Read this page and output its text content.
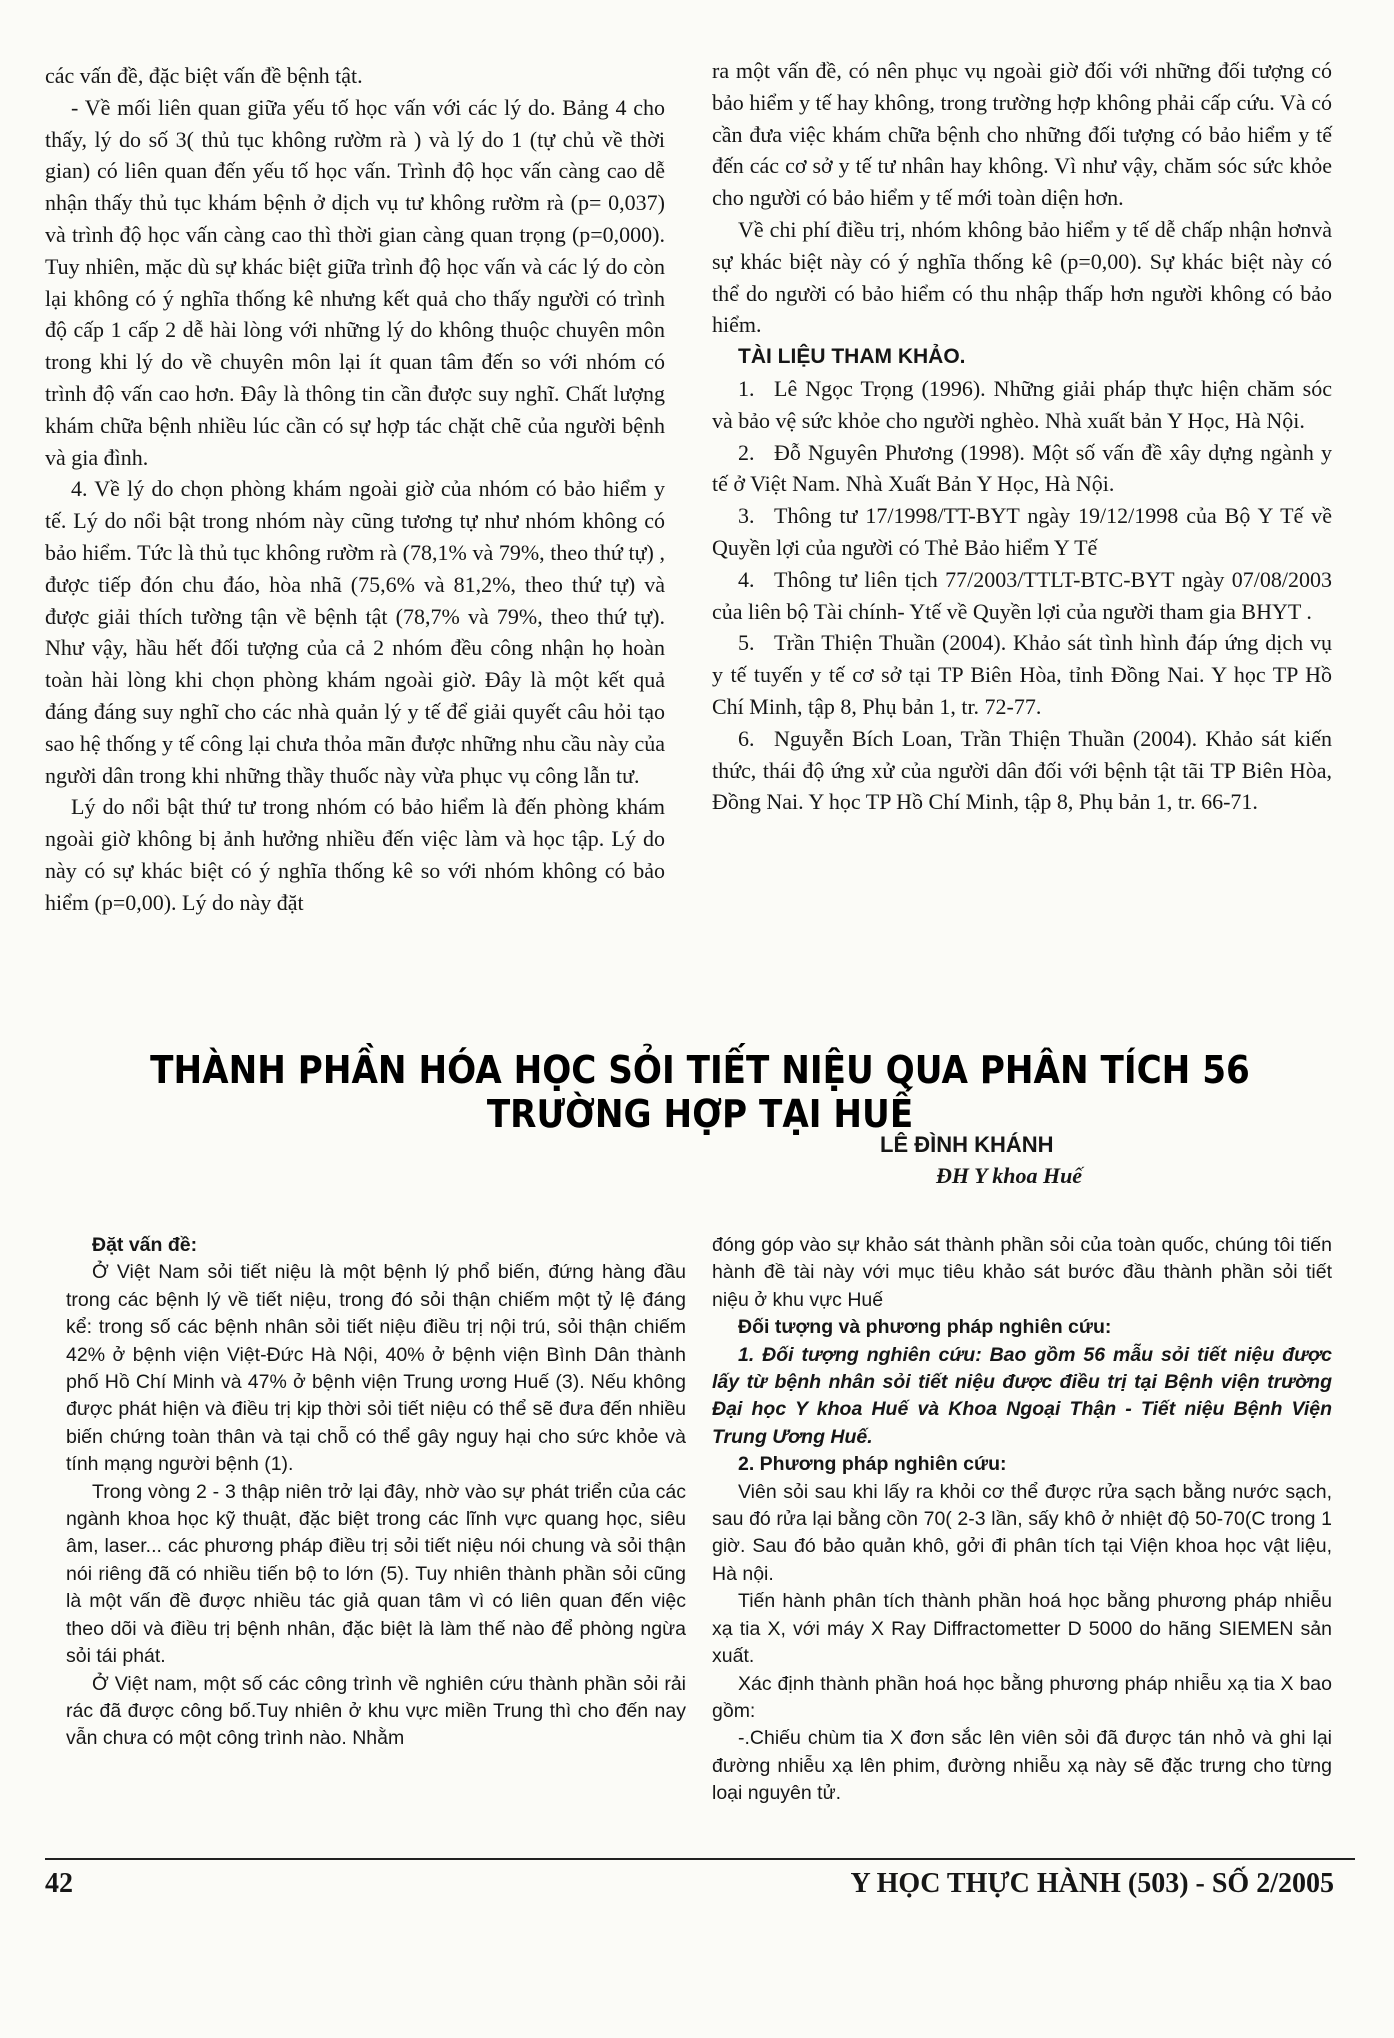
các vấn đề, đặc biệt vấn đề bệnh tật.

- Về mối liên quan giữa yếu tố học vấn với các lý do. Bảng 4 cho thấy, lý do số 3( thủ tục không rườm rà ) và lý do 1 (tự chủ về thời gian) có liên quan đến yếu tố học vấn. Trình độ học vấn càng cao dễ nhận thấy thủ tục khám bệnh ở dịch vụ tư không rườm rà (p= 0,037) và trình độ học vấn càng cao thì thời gian càng quan trọng (p=0,000). Tuy nhiên, mặc dù sự khác biệt giữa trình độ học vấn và các lý do còn lại không có ý nghĩa thống kê nhưng kết quả cho thấy người có trình độ cấp 1 cấp 2 dễ hài lòng với những lý do không thuộc chuyên môn trong khi lý do về chuyên môn lại ít quan tâm đến so với nhóm có trình độ vấn cao hơn. Đây là thông tin cần được suy nghĩ. Chất lượng khám chữa bệnh nhiều lúc cần có sự hợp tác chặt chẽ của người bệnh và gia đình.

4. Về lý do chọn phòng khám ngoài giờ của nhóm có bảo hiểm y tế. Lý do nổi bật trong nhóm này cũng tương tự như nhóm không có bảo hiểm. Tức là thủ tục không rườm rà (78,1% và 79%, theo thứ tự) , được tiếp đón chu đáo, hòa nhã (75,6% và 81,2%, theo thứ tự) và được giải thích tường tận về bệnh tật (78,7% và 79%, theo thứ tự). Như vậy, hầu hết đối tượng của cả 2 nhóm đều công nhận họ hoàn toàn hài lòng khi chọn phòng khám ngoài giờ. Đây là một kết quả đáng đáng suy nghĩ cho các nhà quản lý y tế để giải quyết câu hỏi tạo sao hệ thống y tế công lại chưa thỏa mãn được những nhu cầu này của người dân trong khi những thầy thuốc này vừa phục vụ công lẫn tư.

Lý do nổi bật thứ tư trong nhóm có bảo hiểm là đến phòng khám ngoài giờ không bị ảnh hưởng nhiều đến việc làm và học tập. Lý do này có sự khác biệt có ý nghĩa thống kê so với nhóm không có bảo hiểm (p=0,00). Lý do này đặt

ra một vấn đề, có nên phục vụ ngoài giờ đối với những đối tượng có bảo hiểm y tế hay không, trong trường hợp không phải cấp cứu. Và có cần đưa việc khám chữa bệnh cho những đối tượng có bảo hiểm y tế đến các cơ sở y tế tư nhân hay không. Vì như vậy, chăm sóc sức khỏe cho người có bảo hiểm y tế mới toàn diện hơn.

Về chi phí điều trị, nhóm không bảo hiểm y tế dễ chấp nhận hơnvà sự khác biệt này có ý nghĩa thống kê (p=0,00). Sự khác biệt này có thể do người có bảo hiểm có thu nhập thấp hơn người không có bảo hiểm.

TÀI LIỆU THAM KHẢO.

1. Lê Ngọc Trọng (1996). Những giải pháp thực hiện chăm sóc và bảo vệ sức khỏe cho người nghèo. Nhà xuất bản Y Học, Hà Nội.

2. Đỗ Nguyên Phương (1998). Một số vấn đề xây dựng ngành y tế ở Việt Nam. Nhà Xuất Bản Y Học, Hà Nội.

3. Thông tư 17/1998/TT-BYT ngày 19/12/1998 của Bộ Y Tế về Quyền lợi của người có Thẻ Bảo hiểm Y Tế

4. Thông tư liên tịch 77/2003/TTLT-BTC-BYT ngày 07/08/2003 của liên bộ Tài chính- Ytế về Quyền lợi của người tham gia BHYT .

5. Trần Thiện Thuần (2004). Khảo sát tình hình đáp ứng dịch vụ y tế tuyến y tế cơ sở tại TP Biên Hòa, tỉnh Đồng Nai. Y học TP Hồ Chí Minh, tập 8, Phụ bản 1, tr. 72-77.

6. Nguyễn Bích Loan, Trần Thiện Thuần (2004). Khảo sát kiến thức, thái độ ứng xử của người dân đối với bệnh tật tãi TP Biên Hòa, Đồng Nai. Y học TP Hồ Chí Minh, tập 8, Phụ bản 1, tr. 66-71.

THÀNH PHẦN HÓA HỌC SỎI TIẾT NIỆU QUA PHÂN TÍCH 56 TRƯỜNG HỢP TẠI HUẾ

LÊ ĐÌNH KHÁNH

ĐH Y khoa Huế

Đặt vấn đề:

Ở Việt Nam sỏi tiết niệu là một bệnh lý phổ biến, đứng hàng đầu trong các bệnh lý về tiết niệu, trong đó sỏi thận chiếm một tỷ lệ đáng kể: trong số các bệnh nhân sỏi tiết niệu điều trị nội trú, sỏi thận chiếm 42% ở bệnh viện Việt-Đức Hà Nội, 40% ở bệnh viện Bình Dân thành phố Hồ Chí Minh và 47% ở bệnh viện Trung ương Huế (3). Nếu không được phát hiện và điều trị kịp thời sỏi tiết niệu có thể sẽ đưa đến nhiều biến chứng toàn thân và tại chỗ có thể gây nguy hại cho sức khỏe và tính mạng người bệnh (1).

Trong vòng 2 - 3 thập niên trở lại đây, nhờ vào sự phát triển của các ngành khoa học kỹ thuật, đặc biệt trong các lĩnh vực quang học, siêu âm, laser... các phương pháp điều trị sỏi tiết niệu nói chung và sỏi thận nói riêng đã có nhiều tiến bộ to lớn (5). Tuy nhiên thành phần sỏi cũng là một vấn đề được nhiều tác giả quan tâm vì có liên quan đến việc theo dõi và điều trị bệnh nhân, đặc biệt là làm thế nào để phòng ngừa sỏi tái phát.

Ở Việt nam, một số các công trình về nghiên cứu thành phần sỏi rải rác đã được công bố.Tuy nhiên ở khu vực miền Trung thì cho đến nay vẫn chưa có một công trình nào. Nhằm

đóng góp vào sự khảo sát thành phần sỏi của toàn quốc, chúng tôi tiến hành đề tài này với mục tiêu khảo sát bước đầu thành phần sỏi tiết niệu ở khu vực Huế

Đối tượng và phương pháp nghiên cứu:

1. Đối tượng nghiên cứu: Bao gồm 56 mẫu sỏi tiết niệu được lấy từ bệnh nhân sỏi tiết niệu được điều trị tại Bệnh viện trường Đại học Y khoa Huế và Khoa Ngoại Thận - Tiết niệu Bệnh Viện Trung Ương Huế.

2. Phương pháp nghiên cứu:

Viên sỏi sau khi lấy ra khỏi cơ thể được rửa sạch bằng nước sạch, sau đó rửa lại bằng cồn 70( 2-3 lần, sấy khô ở nhiệt độ 50-70(C trong 1 giờ. Sau đó bảo quản khô, gởi đi phân tích tại Viện khoa học vật liệu, Hà nội.

Tiến hành phân tích thành phần hoá học bằng phương pháp nhiễu xạ tia X, với máy X Ray Diffractometter D 5000 do hãng SIEMEN sản xuất.

Xác định thành phần hoá học bằng phương pháp nhiễu xạ tia X bao gồm:

-.Chiếu chùm tia X đơn sắc lên viên sỏi đã được tán nhỏ và ghi lại đường nhiễu xạ lên phim, đường nhiễu xạ này sẽ đặc trưng cho từng loại nguyên tử.

42	Y HỌC THỰC HÀNH (503) - SỐ 2/2005
